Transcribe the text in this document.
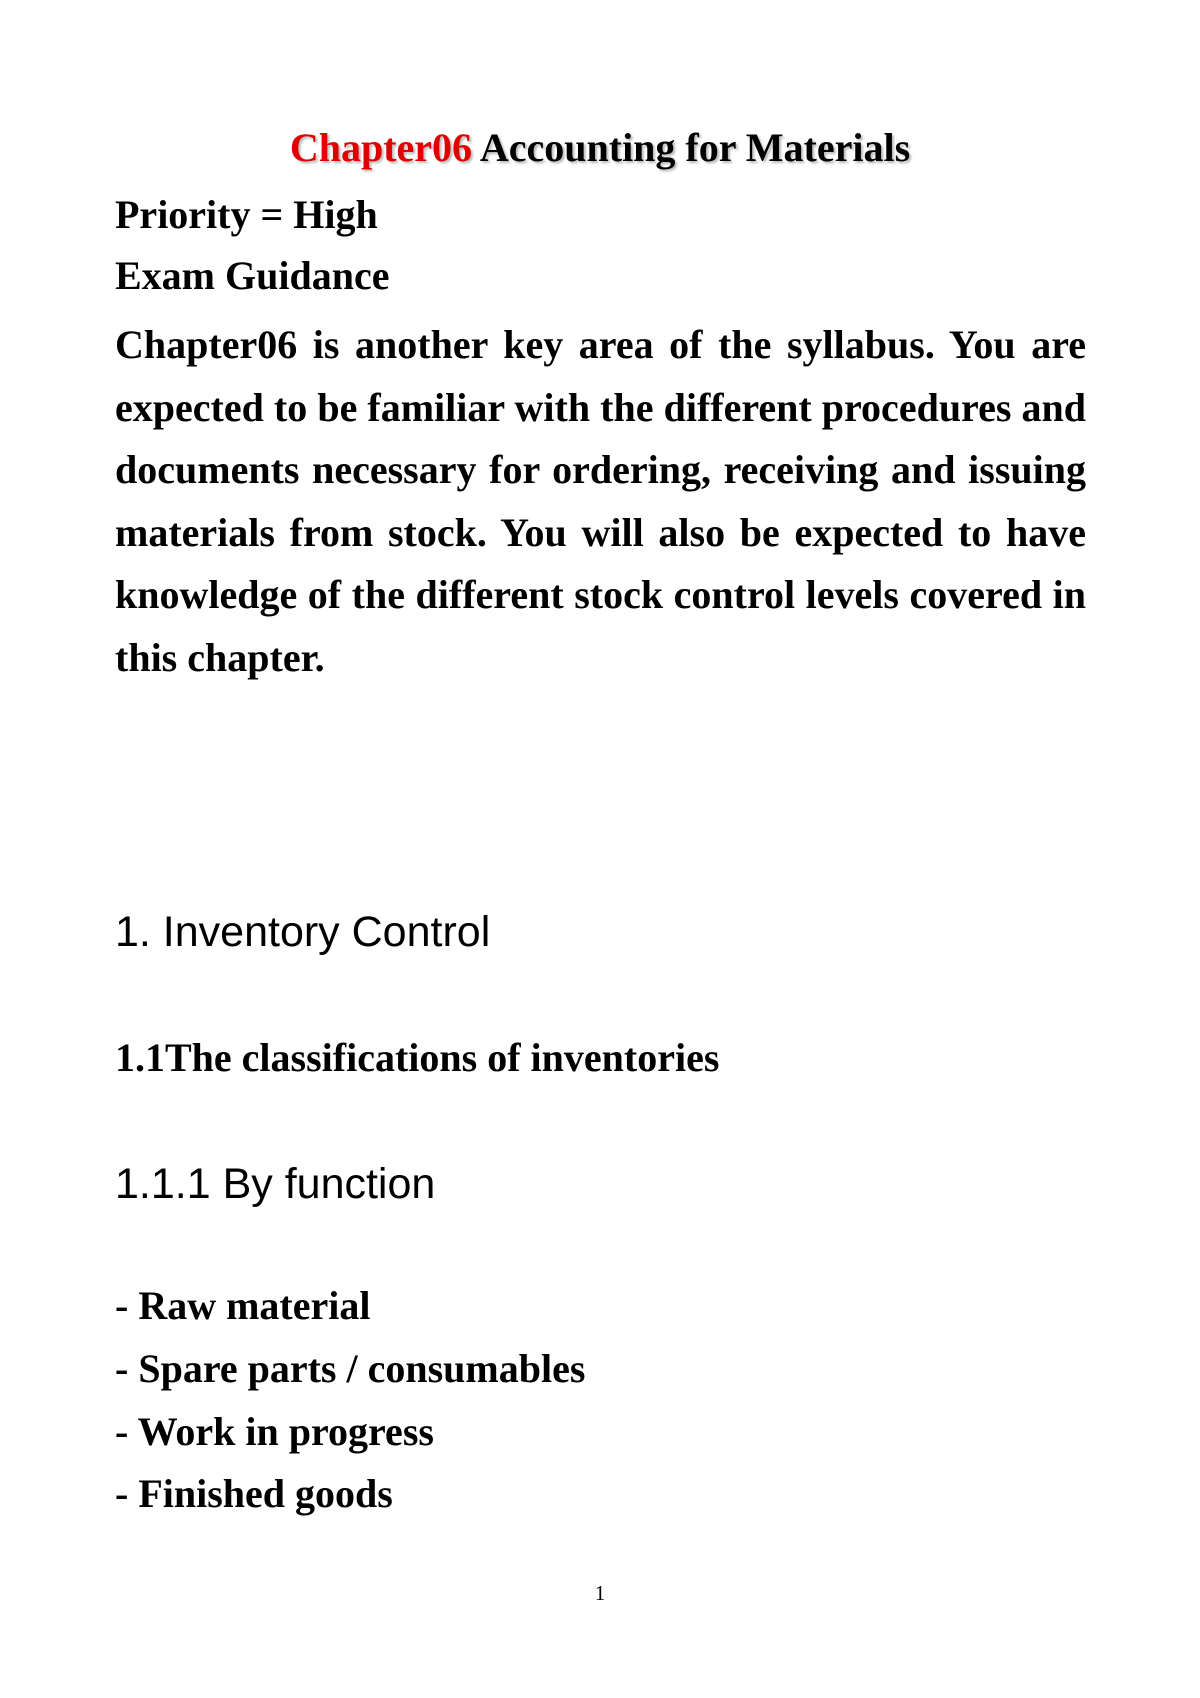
Chapter06 Accounting for Materials
Priority = High
Exam Guidance

Chapter06 is another key area of the syllabus. You are expected to be familiar with the different procedures and documents necessary for ordering, receiving and issuing materials from stock. You will also be expected to have knowledge of the different stock control levels covered in this chapter.

1. Inventory Control
1.1The classifications of inventories
1.1.1 By function
- Raw material
- Spare parts / consumables
- Work in progress
- Finished goods
1
